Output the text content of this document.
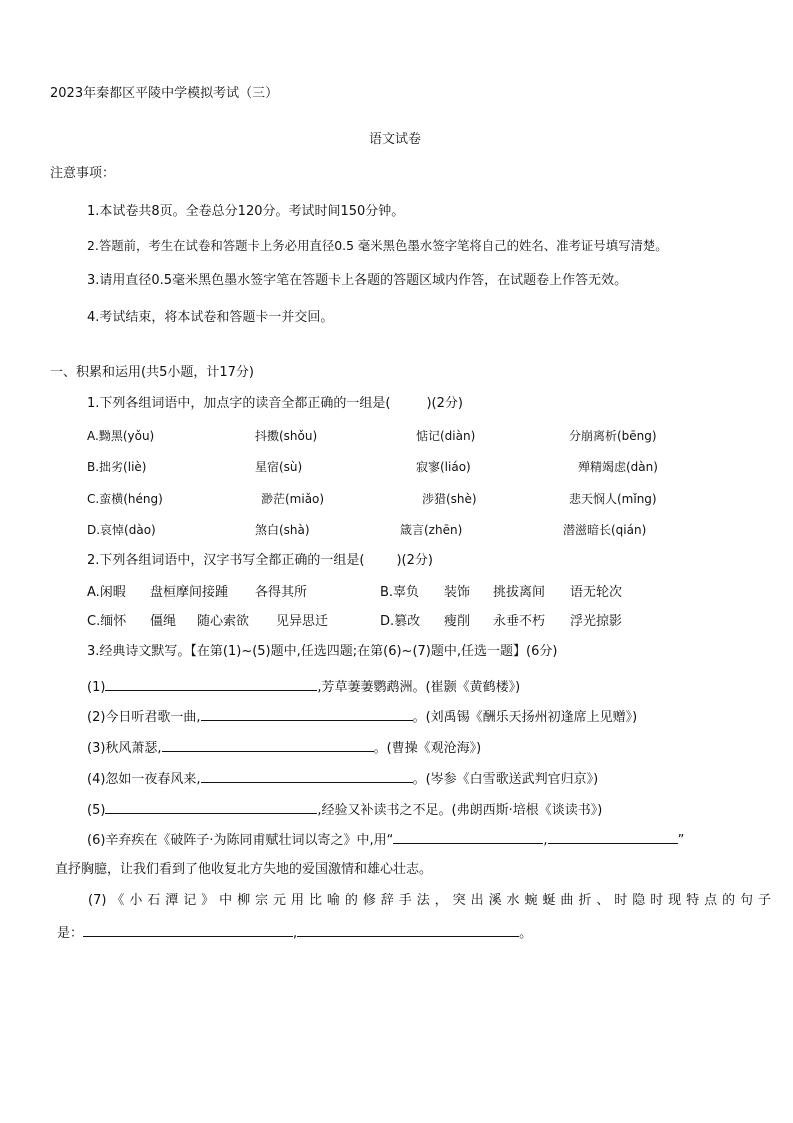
2023年秦都区平陵中学模拟考试（三）
语文试卷
注意事项：
1.本试卷共8页。全卷总分120分。考试时间150分钟。
2.答题前，考生在试卷和答题卡上务必用直径0.5 毫米黑色墨水签字笔将自己的姓名、准考证号填写清楚。
3.请用直径0.5毫米黑色墨水签字笔在答题卡上各题的答题区域内作答，在试题卷上作答无效。
4.考试结束，将本试卷和答题卡一并交回。
一、积累和运用(共5小题，计17分)
1.下列各组词语中，加点字的读音全都正确的一组是(	)(2分)
A.黝黑(yǒu)	抖擞(shǒu)	惦记(diàn)	分崩离析(bēng)
B.拙劣(liè)	星宿(sù)	寂寥(liáo)	殚精竭虑(dàn)
C.蛮横(héng)	渺茫(miǎo)	涉猎(shè)	悲天悯人(mǐng)
D.哀悼(dào)	煞白(shà)	箴言(zhēn)	潜滋暗长(qián)
2.下列各组词语中，汉字书写全都正确的一组是( )(2分)
A.闲暇 盘桓摩间接踵 各得其所	B.辜负 装饰 挑拔离间 语无轮次
C.缅怀 僵绳 随心索欲 见异思迁	D.篡改 瘦削 永垂不朽 浮光掠影
3.经典诗文默写。【在第(1)~(5)题中,任选四题;在第(6)~(7)题中,任选一题】(6分)
(1)	,芳草萋萋鹦鹉洲。(崔颢《黄鹤楼》)
(2)今日听君歌一曲,	。(刘禹锡《酬乐天扬州初逢席上见赠》)
(3)秋风萧瑟,	。(曹操《观沧海》)
(4)忽如一夜春风来,	。(岑参《白雪歌送武判官归京》)
(5)	,经验又补读书之不足。(弗朗西斯·培根《谈读书》)
(6)辛弃疾在《破阵子·为陈同甫赋壮词以寄之》中,用“	,	”
直抒胸臆，让我们看到了他收复北方失地的爱国激情和雄心壮志。
(7)《小石潭记》中柳宗元用比喻的修辞手法，突出溪水蜿蜒曲折、时隐时现特点的句子
是：	,	。
